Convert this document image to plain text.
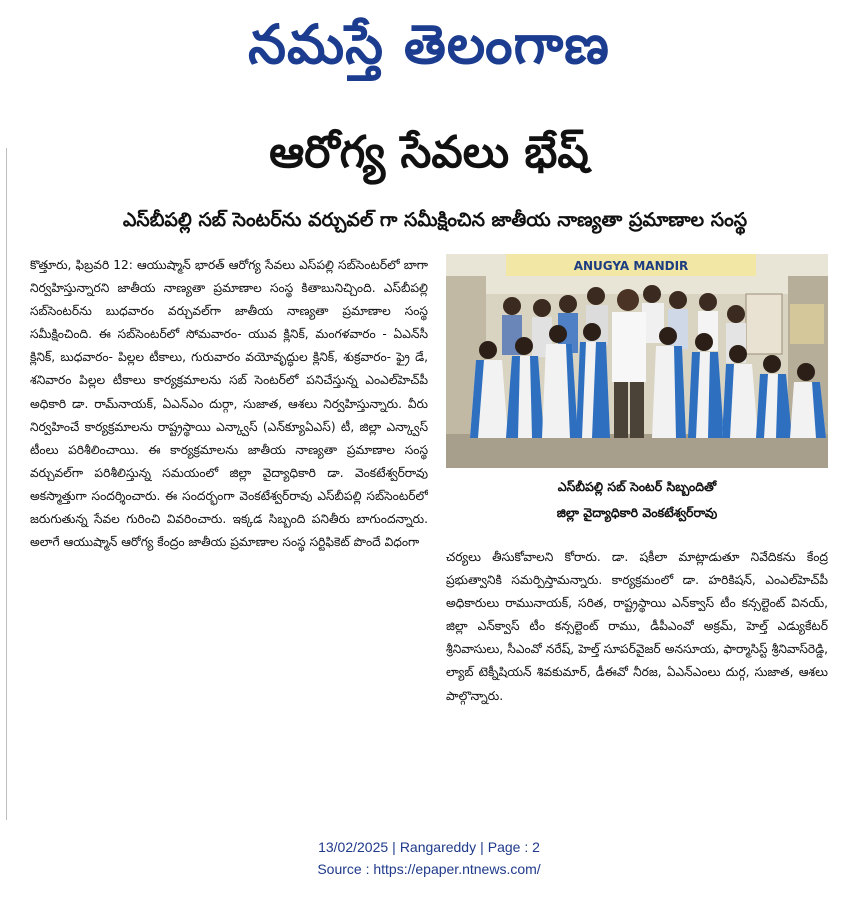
నమస్తే తెలంగాణ
ఆరోగ్య సేవలు భేష్
ఎస్‌బీపల్లి సబ్ సెంటర్‌ను వర్చువల్ గా సమీక్షించిన జాతీయ నాణ్యతా ప్రమాణాల సంస్థ

కొత్తూరు, ఫిబ్రవరి 12: ఆయుష్మాన్ భారత్ ఆరోగ్య సేవలు ఎస్‌పల్లి సబ్‌సెంటర్‌లో బాగా నిర్వహిస్తున్నారని జాతీయ నాణ్యతా ప్రమాణాల సంస్థ కితాబునిచ్చింది. ఎస్‌బీపల్లి సబ్‌సెంటర్‌ను బుధవారం వర్చువల్‌గా జాతీయ నాణ్యతా ప్రమాణాల సంస్థ సమీక్షించింది. ఈ సబ్‌సెంటర్‌లో సోమవారం- యువ క్లినిక్, మంగళవారం - ఏఎన్‌సీ క్లినిక్, బుధవారం- పిల్లల టీకాలు, గురువారం వయోవృద్ధుల క్లినిక్, శుక్రవారం- ఫ్రై డే, శనివారం పిల్లల టీకాలు కార్యక్రమాలను సబ్ సెంటర్‌లో పనిచేస్తున్న ఎంఎల్‌హెచ్‌పీ అధికారి డా. రామ్‌నాయక్, ఏఎన్‌ఎం దుర్గా, సుజాత, ఆశలు నిర్వహిస్తున్నారు. వీరు నిర్వహించే కార్యక్రమాలను రాష్ట్రస్థాయి ఎన్క్వాస్ (ఎన్‌క్యూఏఎస్) టీ, జిల్లా ఎన్క్వాస్ టీంలు పరిశీలించాయి. ఈ కార్యక్రమాలను జాతీయ నాణ్యతా ప్రమాణాల సంస్థ వర్చువల్‌గా పరిశీలిస్తున్న సమయంలో జిల్లా వైద్యాధికారి డా. వెంకటేశ్వర్‌రావు అకస్మాత్తుగా సందర్శించారు. ఈ సందర్భంగా వెంకటేశ్వర్‌రావు ఎస్‌బీపల్లి సబ్‌సెంటర్‌లో జరుగుతున్న సేవల గురించి వివరించారు. ఇక్కడ సిబ్బంది పనితీరు బాగుందన్నారు. అలాగే ఆయుష్మాన్ ఆరోగ్య కేంద్రం జాతీయ ప్రమాణాల సంస్థ సర్టిఫికెట్ పొందే విధంగా

ANUGYA MANDIR
ఎస్‌బీపల్లి సబ్ సెంటర్ సిబ్బందితో
జిల్లా వైద్యాధికారి వెంకటేశ్వర్‌రావు

చర్యలు తీసుకోవాలని కోరారు. డా. షకీలా మాట్లాడుతూ నివేదికను కేంద్ర ప్రభుత్వానికి సమర్పిస్తామన్నారు. కార్యక్రమంలో డా. హరికిషన్, ఎంఎల్‌హెచ్‌పీ అధికారులు రామునాయక్, సరిత, రాష్ట్రస్థాయి ఎన్‌క్వాస్ టీం కన్సల్టెంట్ వినయ్, జిల్లా ఎన్‌క్వాస్ టీం కన్సల్టెంట్ రాము, డీపీఎంవో అక్రమ్, హెల్త్ ఎడ్యుకేటర్ శ్రీనివాసులు, సీఎంవో నరేష్, హెల్త్ సూపర్‌వైజర్ అనసూయ, ఫార్మాసిస్ట్ శ్రీనివాస్‌రెడ్డి, ల్యాబ్ టెక్నీషియన్ శివకుమార్, డీఈవో నీరజ, ఏఎన్‌ఎంలు దుర్గ, సుజాత, ఆశలు పాల్గొన్నారు.

13/02/2025 | Rangareddy | Page : 2
Source : https://epaper.ntnews.com/
